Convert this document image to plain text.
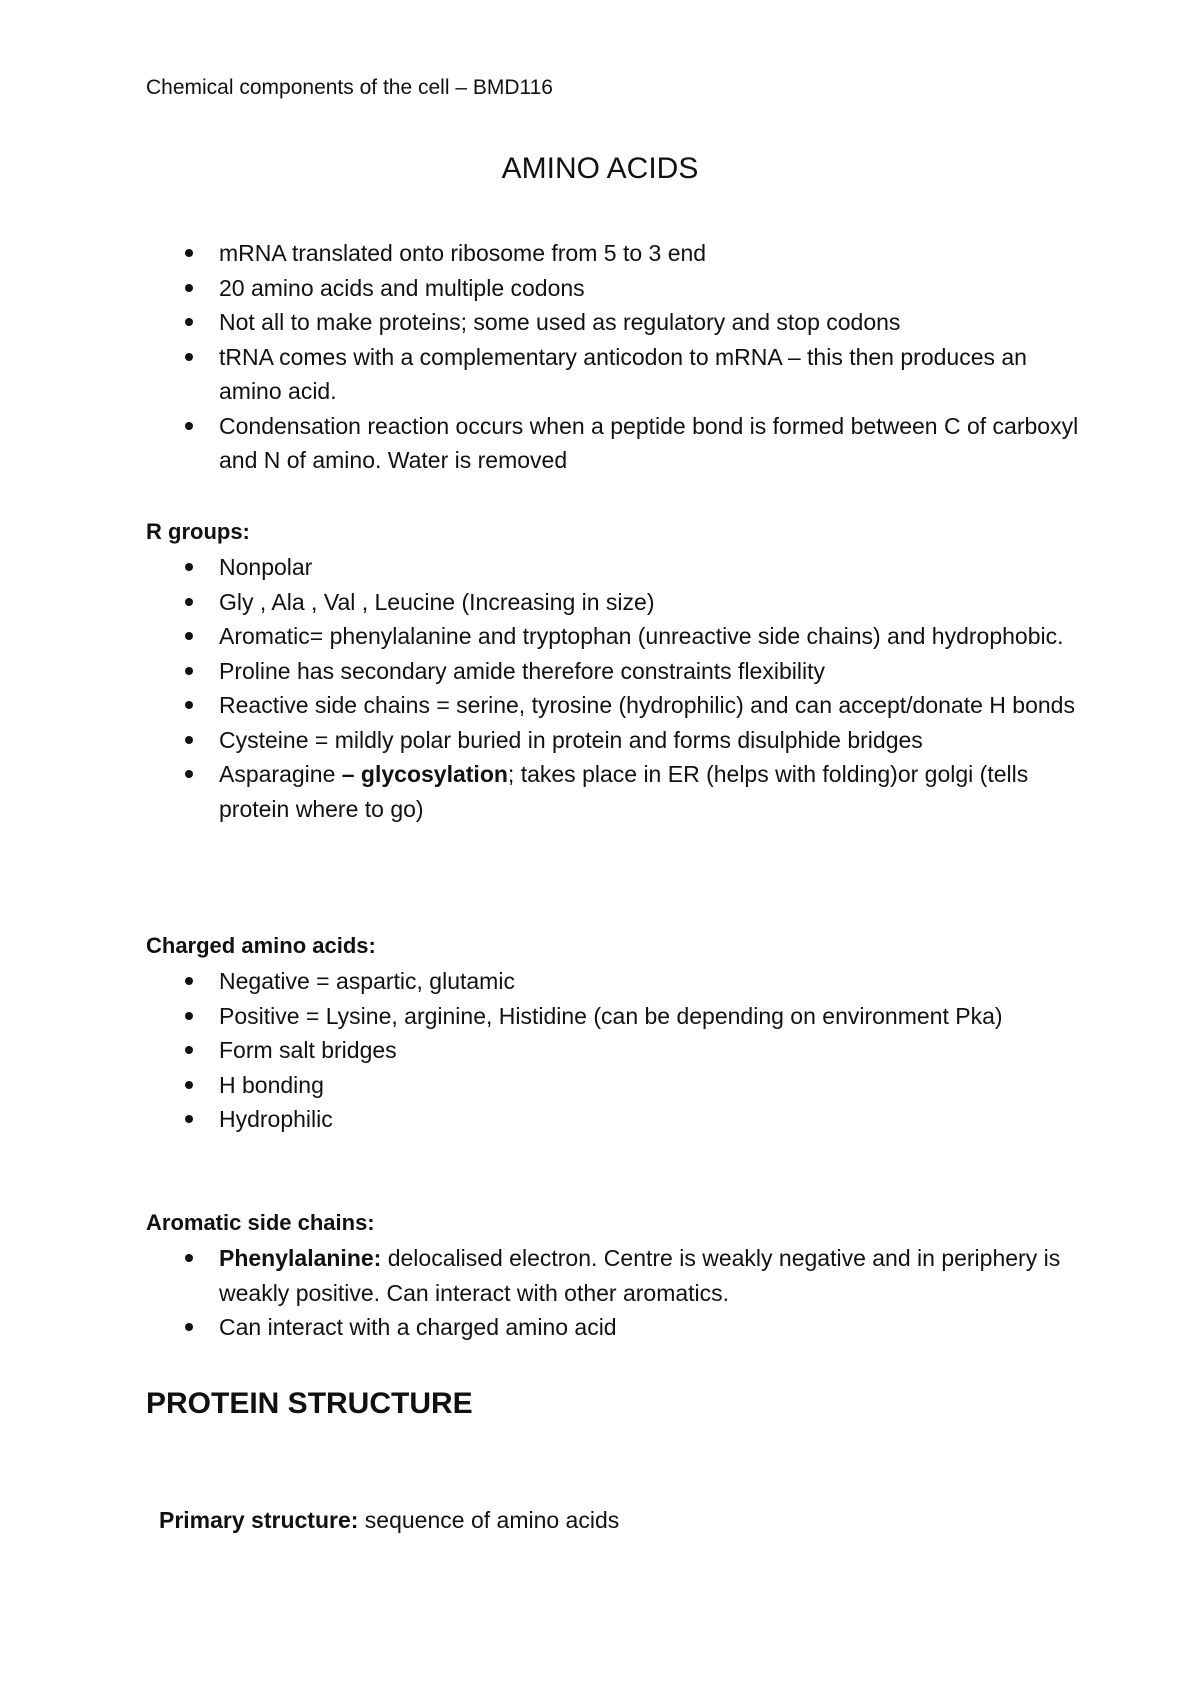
Chemical components of the cell – BMD116
AMINO ACIDS
mRNA translated onto ribosome from 5 to 3 end
20 amino acids and multiple codons
Not all to make proteins; some used as regulatory and stop codons
tRNA comes with a complementary anticodon to mRNA – this then produces an amino acid.
Condensation reaction occurs when a peptide bond is formed between C of carboxyl and N of amino. Water is removed
R groups:
Nonpolar
Gly , Ala , Val , Leucine (Increasing in size)
Aromatic= phenylalanine and tryptophan (unreactive side chains) and hydrophobic.
Proline has secondary amide therefore constraints flexibility
Reactive side chains = serine, tyrosine (hydrophilic) and can accept/donate H bonds
Cysteine = mildly polar buried in protein and forms disulphide bridges
Asparagine – glycosylation; takes place in ER (helps with folding)or golgi (tells protein where to go)
Charged amino acids:
Negative = aspartic, glutamic
Positive = Lysine, arginine, Histidine (can be depending on environment Pka)
Form salt bridges
H bonding
Hydrophilic
Aromatic side chains:
Phenylalanine: delocalised electron. Centre is weakly negative and in periphery is weakly positive. Can interact with other aromatics.
Can interact with a charged amino acid
PROTEIN STRUCTURE
Primary structure: sequence of amino acids
